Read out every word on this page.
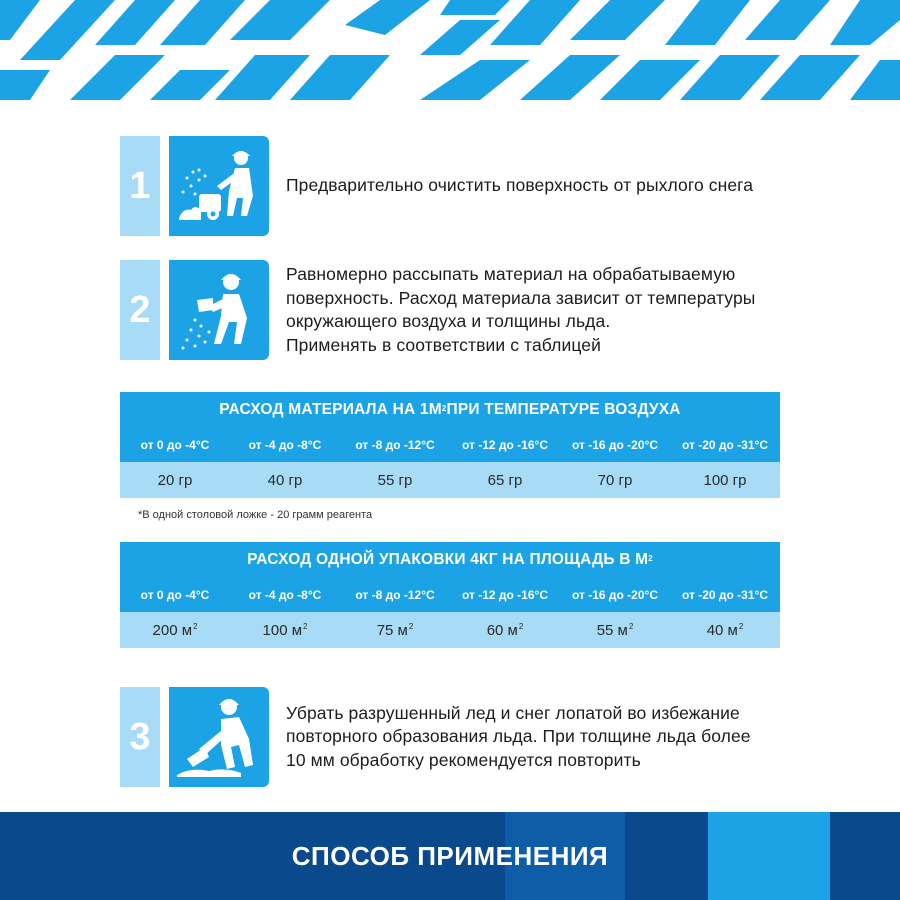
1	Предварительно очистить поверхность от рыхлого снега
2
Равномерно рассыпать материал на обрабатываемую
поверхность. Расход материала зависит от температуры
окружающего воздуха и толщины льда.
Применять в соответствии с таблицей
РАСХОД МАТЕРИАЛА НА $1М^2$ ПРИ ТЕМПЕРАТУРЕ ВОЗДУХА
от 0 до -4°С	от -4 до -8°С	от -8 до -12°С	от -12 до -16°С	от -16 до -20°С	от -20 до -31°С
20 гр	40 гр	55 гр	65 гр	70 гр	100 гр
*В одной столовой ложке - 20 грамм реагента
РАСХОД ОДНОЙ УПАКОВКИ 4КГ НА ПЛОЩАДЬ В $М^2$
от 0 до -4°С	от -4 до -8°С	от -8 до -12°С	от -12 до -16°С	от -16 до -20°С	от -20 до -31°С
200 $м^2$	100 $м^2$	75 $м^2$	60 $м^2$	55 $м^2$	40 $м^2$
3
Убрать разрушенный лед и снег лопатой во избежание
повторного образования льда. При толщине льда более
10 мм обработку рекомендуется повторить
СПОСОБ ПРИМЕНЕНИЯ
